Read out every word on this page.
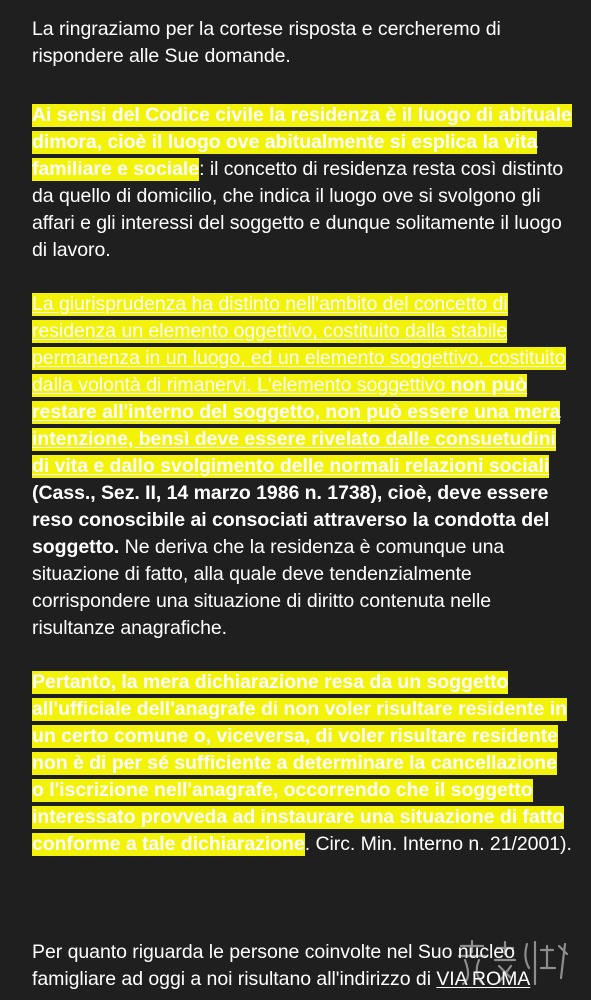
La ringraziamo per la cortese risposta e cercheremo di rispondere alle Sue domande.

Ai sensi del Codice civile la residenza è il luogo di abituale dimora, cioè il luogo ove abitualmente si esplica la vita familiare e sociale: il concetto di residenza resta così distinto da quello di domicilio, che indica il luogo ove si svolgono gli affari e gli interessi del soggetto e dunque solitamente il luogo di lavoro.

La giurisprudenza ha distinto nell'ambito del concetto di residenza un elemento oggettivo, costituito dalla stabile permanenza in un luogo, ed un elemento soggettivo, costituito dalla volontà di rimanervi. L'elemento soggettivo non può restare all'interno del soggetto, non può essere una mera intenzione, bensì deve essere rivelato dalle consuetudini di vita e dallo svolgimento delle normali relazioni sociali (Cass., Sez. II, 14 marzo 1986 n. 1738), cioè, deve essere reso conoscibile ai consociati attraverso la condotta del soggetto. Ne deriva che la residenza è comunque una situazione di fatto, alla quale deve tendenzialmente corrispondere una situazione di diritto contenuta nelle risultanze anagrafiche.

Pertanto, la mera dichiarazione resa da un soggetto all'ufficiale dell'anagrafe di non voler risultare residente in un certo comune o, viceversa, di voler risultare residente non è di per sé sufficiente a determinare la cancellazione o l'iscrizione nell'anagrafe, occorrendo che il soggetto interessato provveda ad instaurare una situazione di fatto conforme a tale dichiarazione. Circ. Min. Interno n. 21/2001).

Per quanto riguarda le persone coinvolte nel Suo nucleo famigliare ad oggi a noi risultano all'indirizzo di VIA ROMA
